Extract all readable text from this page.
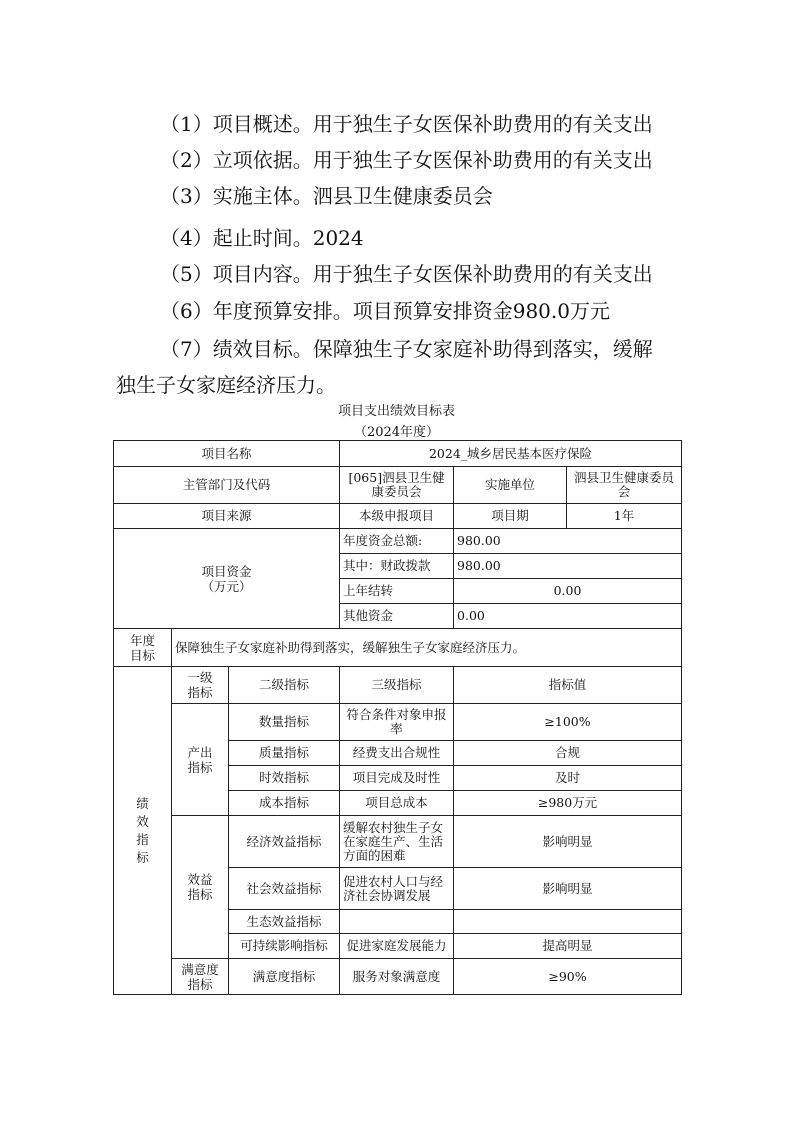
（1）项目概述。用于独生子女医保补助费用的有关支出
（2）立项依据。用于独生子女医保补助费用的有关支出
（3）实施主体。泗县卫生健康委员会
（4）起止时间。2024
（5）项目内容。用于独生子女医保补助费用的有关支出
（6）年度预算安排。项目预算安排资金980.0万元
（7）绩效目标。保障独生子女家庭补助得到落实，缓解
独生子女家庭经济压力。
项目支出绩效目标表
（2024年度）
项目名称			2024_城乡居民基本医疗保险		
主管部门及代码			[065]泗县卫生健康委员会	实施单位	泗县卫生健康委员会
项目来源			本级申报项目	项目期	1年

项目资金（万元）			年度资金总额:	980.00	
			其中：财政拨款	980.00	
			上年结转	0.00	
			其他资金	0.00	

年度目标	保障独生子女家庭补助得到落实，缓解独生子女家庭经济压力。				

绩效指标	一级指标	二级指标	三级指标	指标值	

	产出指标	数量指标	符合条件对象申报率	≥100%	
		质量指标	经费支出合规性	合规	
		时效指标	项目完成及时性	及时	
		成本指标	项目总成本	≥980万元	

	效益指标	经济效益指标	缓解农村独生子女在家庭生产、生活方面的困难	影响明显	
		社会效益指标	促进农村人口与经济社会协调发展	影响明显	
		生态效益指标			
		可持续影响指标	促进家庭发展能力	提高明显	

	满意度指标	满意度指标	服务对象满意度	≥90%	
